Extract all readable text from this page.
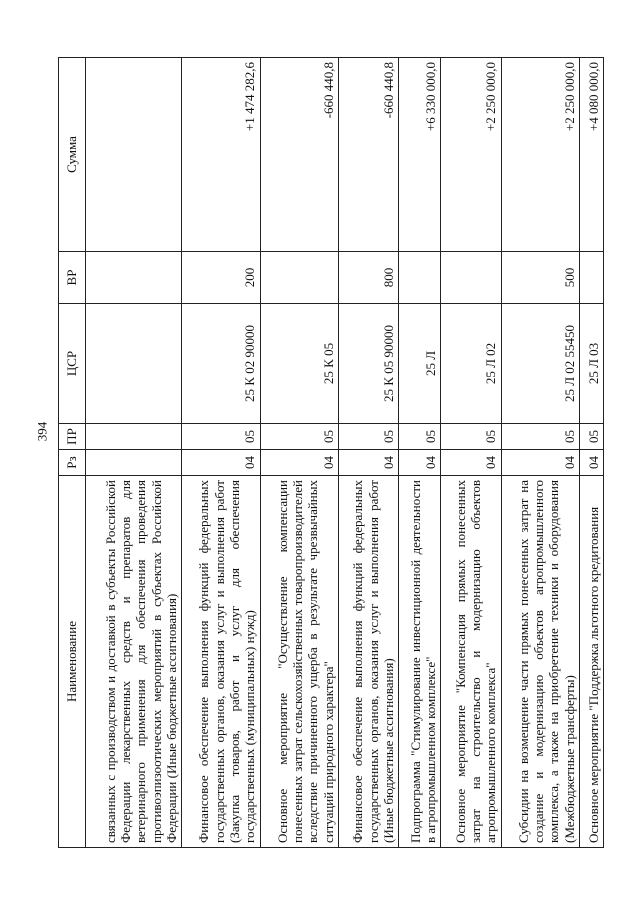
394
Наименование	Рз	ПР	ЦСР	ВР	Сумма
связанных с производством и доставкой в субъекты Российской Федерации лекарственных средств и препаратов для ветеринарного применения для обеспечения проведения противоэпизоотических мероприятий в субъектах Российской Федерации (Иные бюджетные ассигнования)					
Финансовое обеспечение выполнения функций федеральных государственных органов, оказания услуг и выполнения работ (Закупка товаров, работ и услуг для обеспечения государственных (муниципальных) нужд)	04	05	25 К 02 90000	200	+1 474 282,6
Основное мероприятие "Осуществление компенсации понесенных затрат сельскохозяйственных товаропроизводителей вследствие причиненного ущерба в результате чрезвычайных ситуаций природного характера"	04	05	25 К 05		-660 440,8
Финансовое обеспечение выполнения функций федеральных государственных органов, оказания услуг и выполнения работ (Иные бюджетные ассигнования)	04	05	25 К 05 90000	800	-660 440,8
Подпрограмма "Стимулирование инвестиционной деятельности в агропромышленном комплексе"	04	05	25 Л		+6 330 000,0
Основное мероприятие "Компенсация прямых понесенных затрат на строительство и модернизацию объектов агропромышленного комплекса"	04	05	25 Л 02		+2 250 000,0
Субсидии на возмещение части прямых понесенных затрат на создание и модернизацию объектов агропромышленного комплекса, а также на приобретение техники и оборудования (Межбюджетные трансферты)	04	05	25 Л 02 55450	500	+2 250 000,0
Основное мероприятие "Поддержка льготного кредитования	04	05	25 Л 03		+4 080 000,0
